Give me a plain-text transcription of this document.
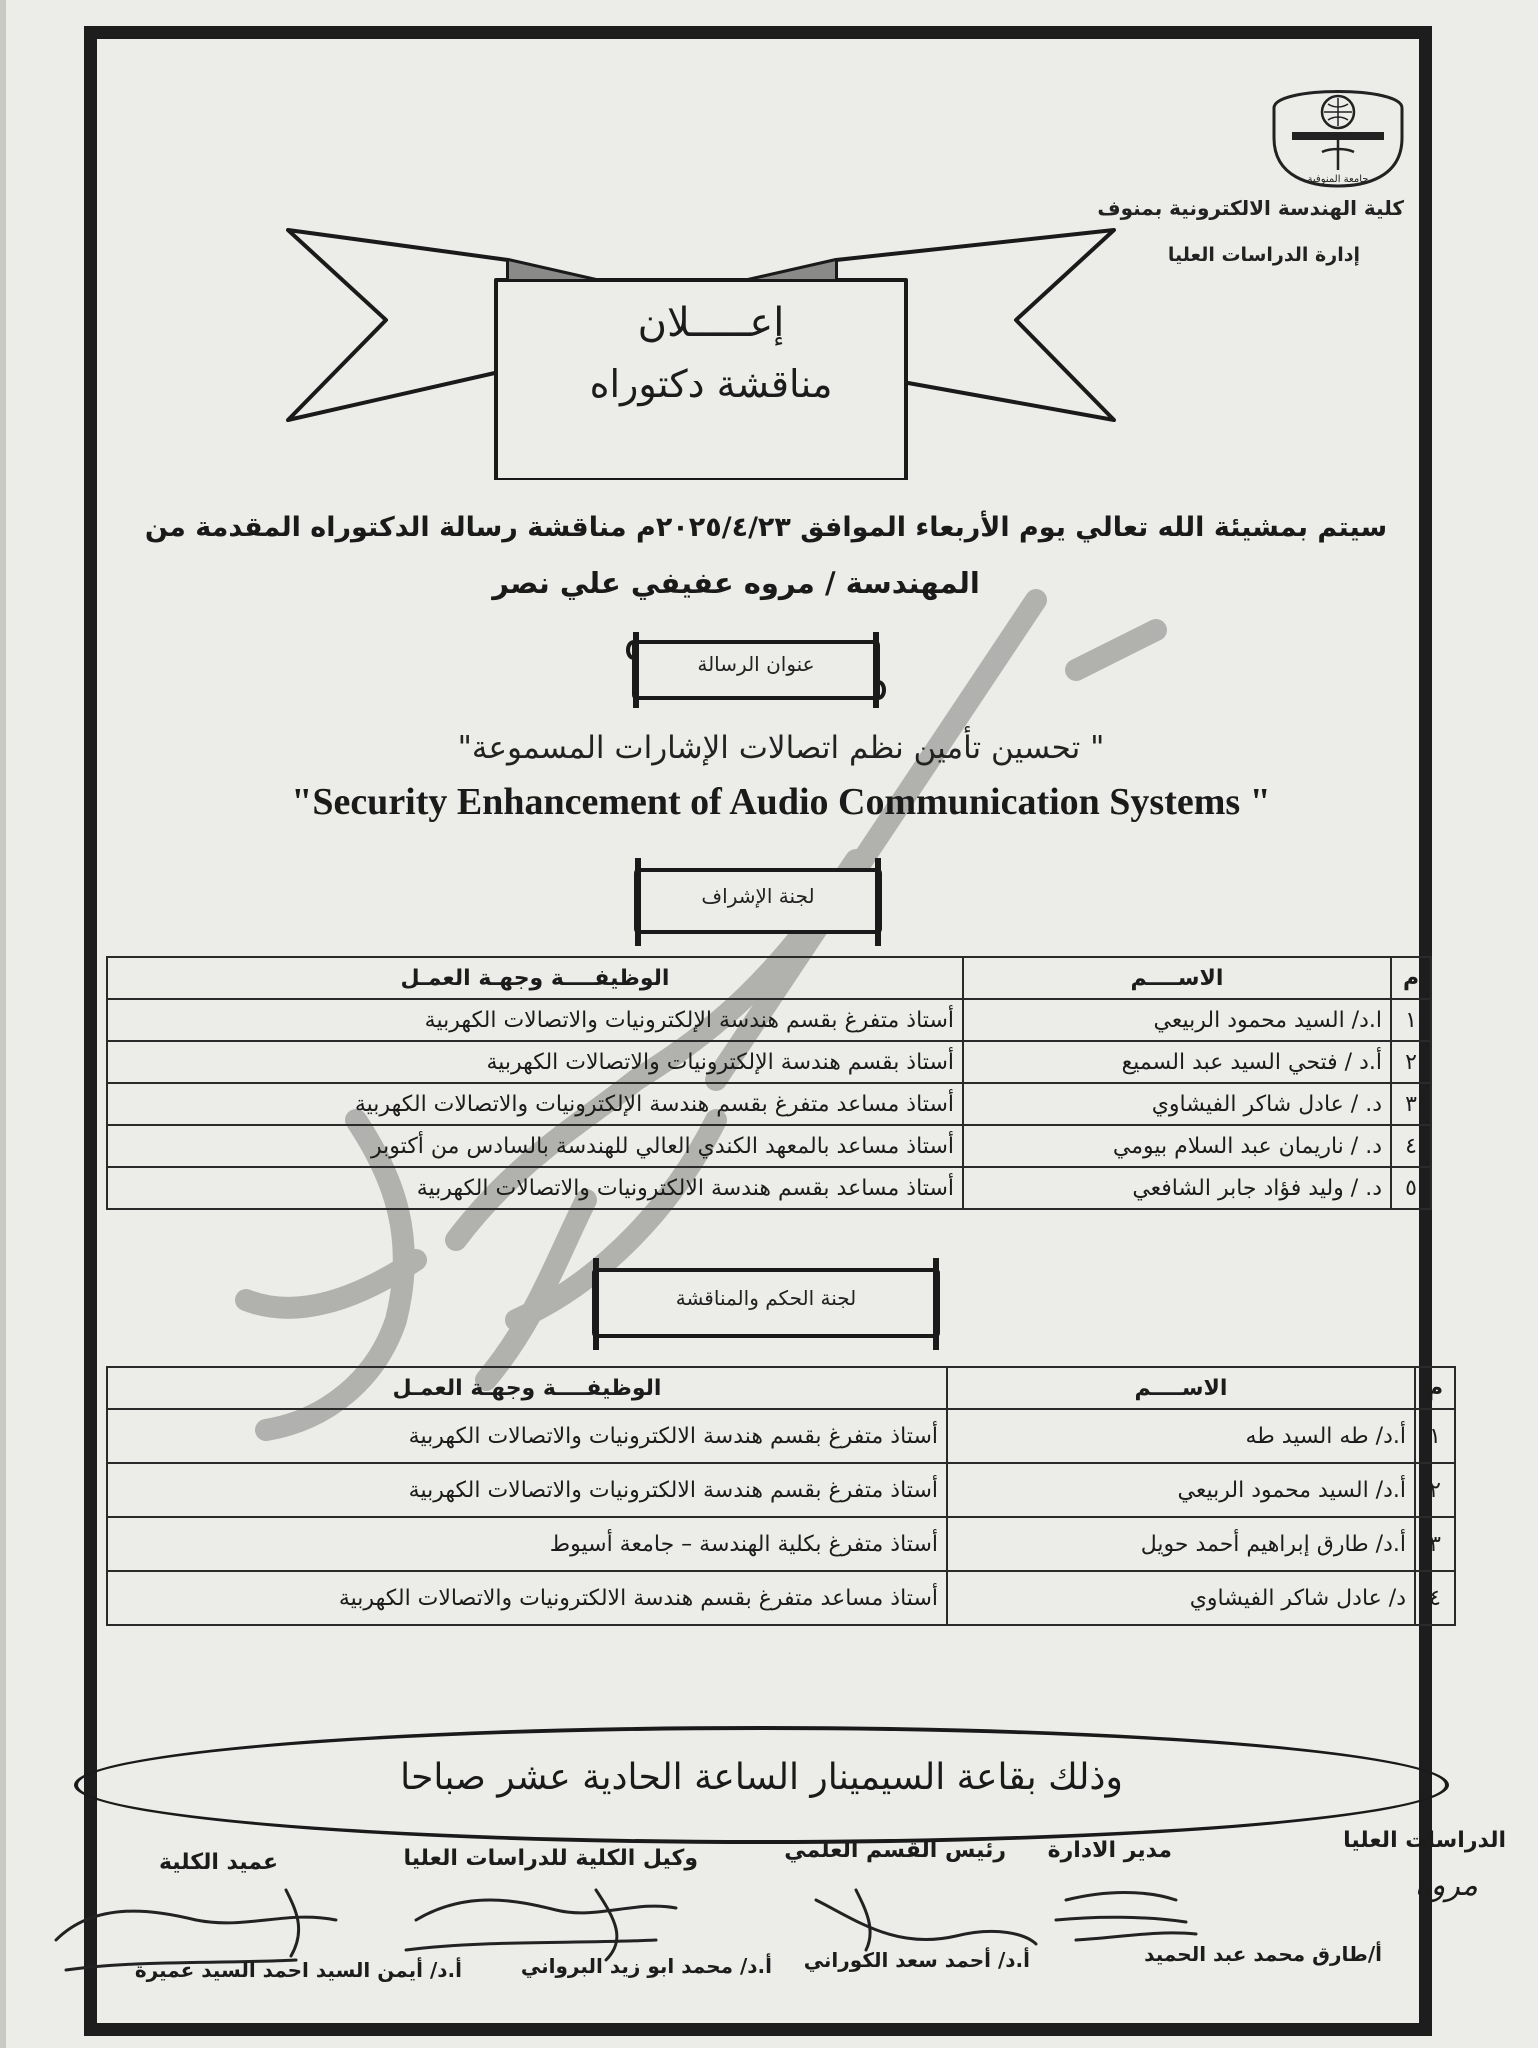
جامعة المنوفية
كلية الهندسة الالكترونية بمنوف
إدارة الدراسات العليا
إعـــــلان
مناقشة دكتوراه
سيتم بمشيئة الله تعالي يوم الأربعاء الموافق ٢٠٢٥/٤/٢٣م مناقشة رسالة الدكتوراه المقدمة من
المهندسة / مروه عفيفي علي نصر
عنوان الرسالة
" تحسين تأمين نظم اتصالات الإشارات المسموعة"
"Security Enhancement of Audio Communication Systems "
لجنة الإشراف
م	الاســــم	الوظيفــــة وجهـة العمـل
١	ا.د/ السيد محمود الربيعي	أستاذ متفرغ بقسم هندسة الإلكترونيات والاتصالات الكهربية
٢	أ.د / فتحي السيد عبد السميع	أستاذ بقسم هندسة الإلكترونيات والاتصالات الكهربية
٣	د. / عادل شاكر الفيشاوي	أستاذ مساعد متفرغ بقسم هندسة الإلكترونيات والاتصالات الكهربية
٤	د. / ناريمان عبد السلام بيومي	أستاذ مساعد بالمعهد الكندي العالي للهندسة بالسادس من أكتوبر
٥	د. / وليد فؤاد جابر الشافعي	أستاذ مساعد بقسم هندسة الالكترونيات والاتصالات الكهربية
لجنة الحكم والمناقشة
م	الاســــم	الوظيفــــة وجهـة العمـل
١	أ.د/ طه السيد طه	أستاذ متفرغ بقسم هندسة الالكترونيات والاتصالات الكهربية
٢	أ.د/ السيد محمود الربيعي	أستاذ متفرغ بقسم هندسة الالكترونيات والاتصالات الكهربية
٣	أ.د/ طارق إبراهيم أحمد حويل	أستاذ متفرغ بكلية الهندسة – جامعة أسيوط
٤	د/ عادل شاكر الفيشاوي	أستاذ مساعد متفرغ بقسم هندسة الالكترونيات والاتصالات الكهربية
وذلك بقاعة السيمينار الساعة الحادية عشر صباحا
الدراسات العليا
مدير الادارة
رئيس القسم العلمي
وكيل الكلية للدراسات العليا
عميد الكلية
مروه
أ/طارق محمد عبد الحميد
أ.د/ أحمد سعد الكوراني
أ.د/ محمد ابو زيد البرواني
أ.د/ أيمن السيد احمد السيد عميرة
